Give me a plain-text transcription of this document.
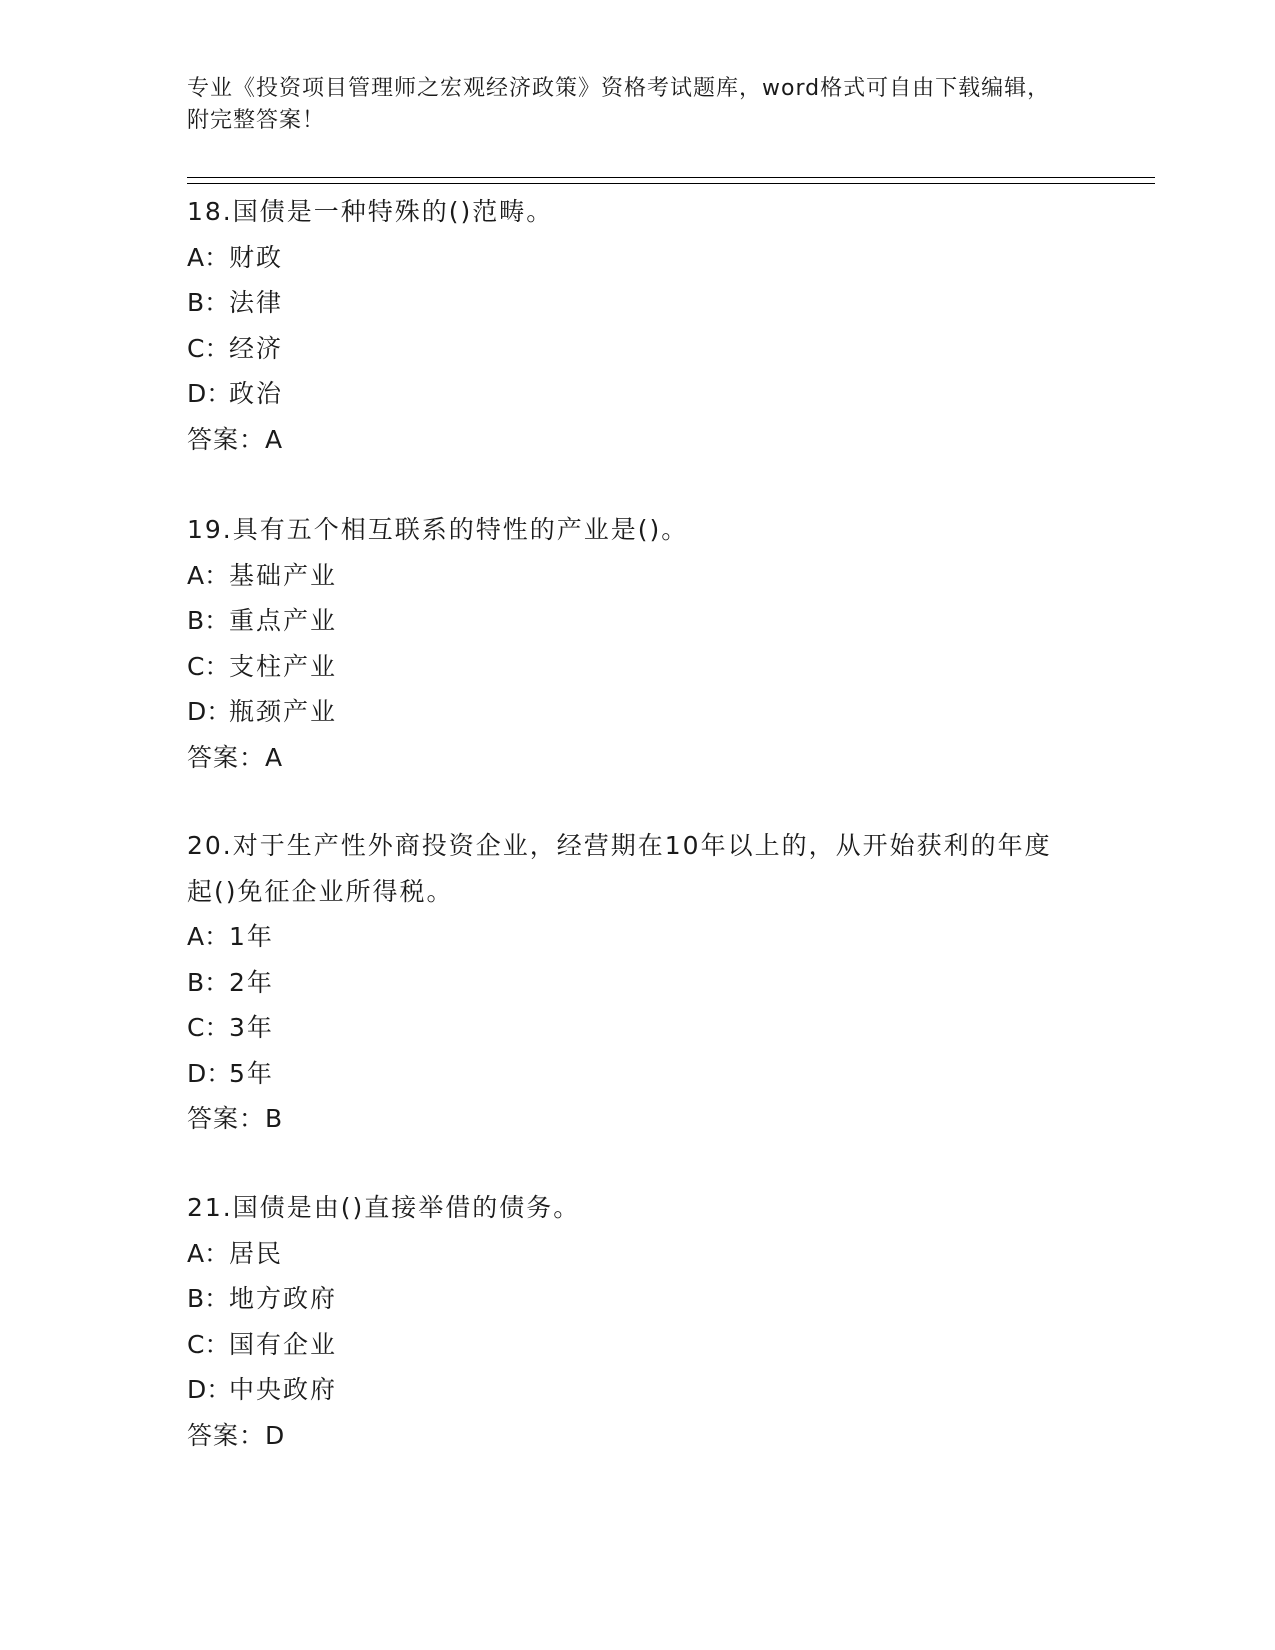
专业《投资项目管理师之宏观经济政策》资格考试题库，word格式可自由下载编辑，附完整答案！
18.国债是一种特殊的()范畴。
A：财政
B：法律
C：经济
D：政治
答案：A
19.具有五个相互联系的特性的产业是()。
A：基础产业
B：重点产业
C：支柱产业
D：瓶颈产业
答案：A
20.对于生产性外商投资企业，经营期在10年以上的，从开始获利的年度起()免征企业所得税。
A：1年
B：2年
C：3年
D：5年
答案：B
21.国债是由()直接举借的债务。
A：居民
B：地方政府
C：国有企业
D：中央政府
答案：D
